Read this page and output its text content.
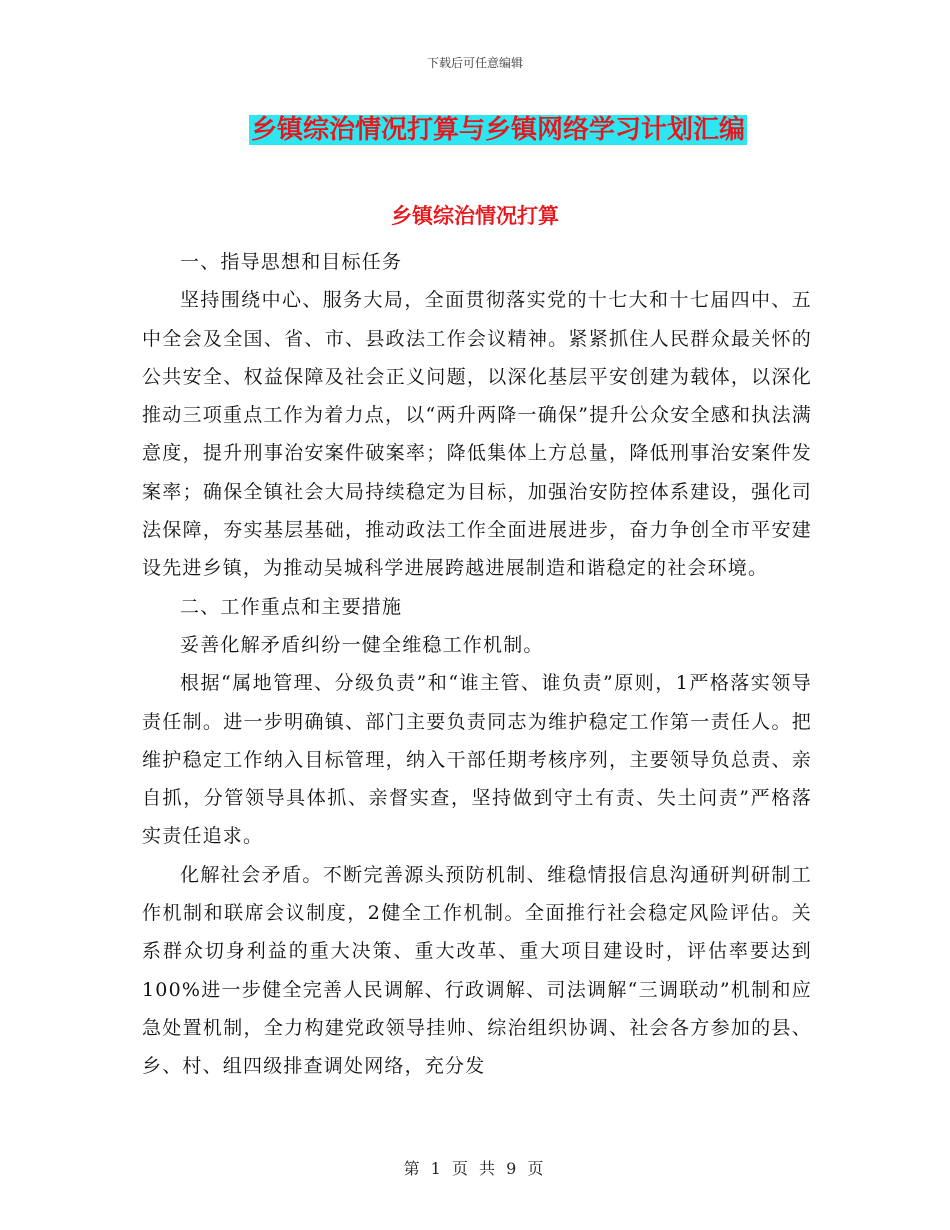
下载后可任意编辑
乡镇综治情况打算与乡镇网络学习计划汇编
乡镇综治情况打算

一、指导思想和目标任务

坚持围绕中心、服务大局，全面贯彻落实党的十七大和十七届四中、五中全会及全国、省、市、县政法工作会议精神。紧紧抓住人民群众最关怀的公共安全、权益保障及社会正义问题，以深化基层平安创建为载体，以深化推动三项重点工作为着力点，以“两升两降一确保”提升公众安全感和执法满意度，提升刑事治安案件破案率；降低集体上方总量，降低刑事治安案件发案率；确保全镇社会大局持续稳定为目标，加强治安防控体系建设，强化司法保障，夯实基层基础，推动政法工作全面进展进步，奋力争创全市平安建设先进乡镇，为推动吴城科学进展跨越进展制造和谐稳定的社会环境。

二、工作重点和主要措施

妥善化解矛盾纠纷一健全维稳工作机制。

根据“属地管理、分级负责”和“谁主管、谁负责”原则，1严格落实领导责任制。进一步明确镇、部门主要负责同志为维护稳定工作第一责任人。把维护稳定工作纳入目标管理，纳入干部任期考核序列，主要领导负总责、亲自抓，分管领导具体抓、亲督实查，坚持做到守土有责、失土问责”严格落实责任追求。

化解社会矛盾。不断完善源头预防机制、维稳情报信息沟通研判研制工作机制和联席会议制度，2健全工作机制。全面推行社会稳定风险评估。关系群众切身利益的重大决策、重大改革、重大项目建设时，评估率要达到100%进一步健全完善人民调解、行政调解、司法调解“三调联动”机制和应急处置机制，全力构建党政领导挂帅、综治组织协调、社会各方参加的县、乡、村、组四级排查调处网络，充分发

第 1 页 共 9 页
